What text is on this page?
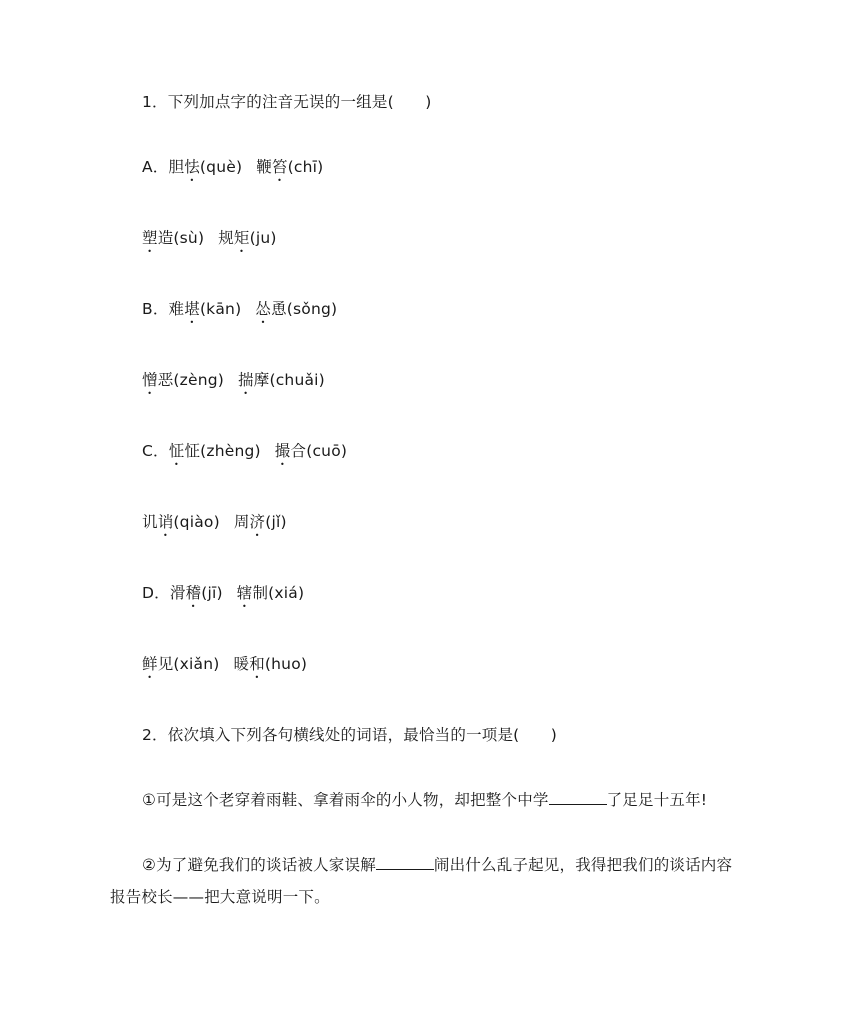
1．下列加点字的注音无误的一组是(　　)
A．胆怯(què) 鞭笞(chī)
塑造(sù) 规矩(ju)
B．难堪(kān) 怂恿(sǒng)
憎恶(zèng) 揣摩(chuǎi)
C．怔怔(zhèng) 撮合(cuō)
讥诮(qiào) 周济(jǐ)
D．滑稽(jī) 辖制(xiá)
鲜见(xiǎn) 暖和(huo)
2．依次填入下列各句横线处的词语，最恰当的一项是(　　)
①可是这个老穿着雨鞋、拿着雨伞的小人物，却把整个中学	了足足十五年!
②为了避免我们的谈话被人家误解	闹出什么乱子起见，我得把我们的谈话内容
报告校长——把大意说明一下。
